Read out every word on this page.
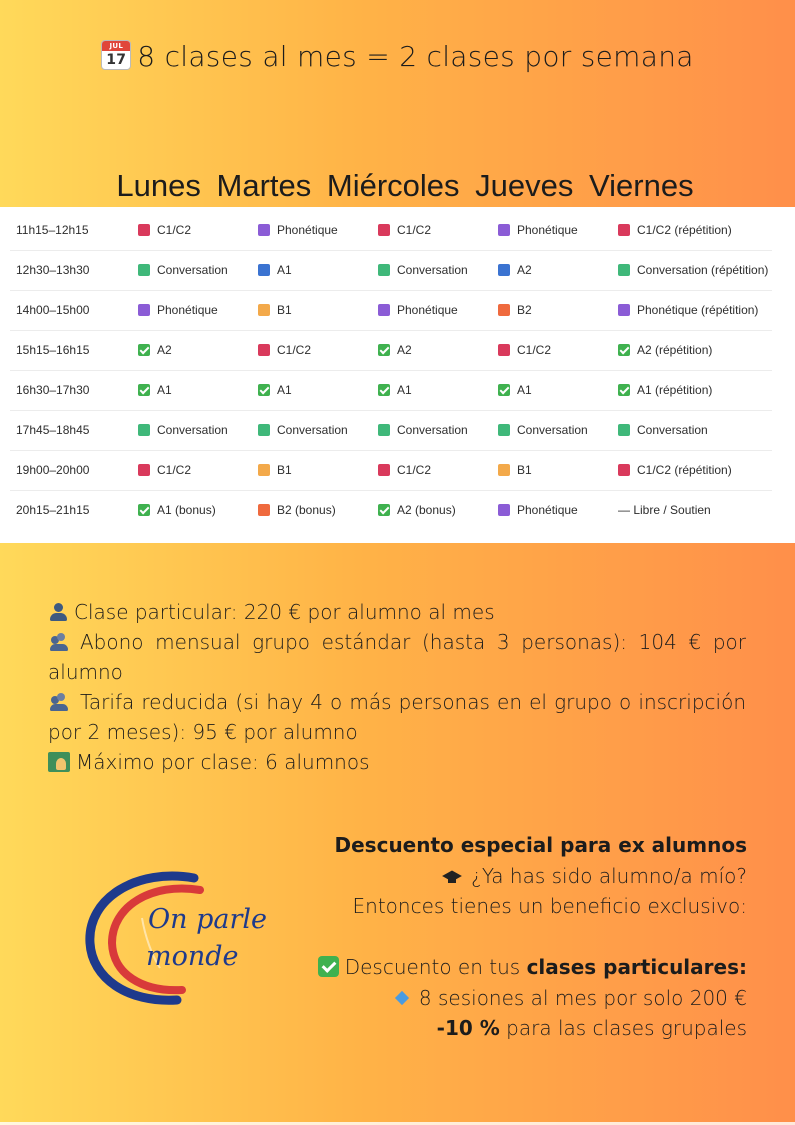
JUL
17 8 clases al mes = 2 clases por semana
Lunes Martes Miércoles Jueves Viernes
11h15–12h15	C1/C2	Phonétique	C1/C2	Phonétique	C1/C2 (répétition)
12h30–13h30	Conversation	A1	Conversation	A2	Conversation (répétition)
14h00–15h00	Phonétique	B1	Phonétique	B2	Phonétique (répétition)
15h15–16h15	A2	C1/C2	A2	C1/C2	A2 (répétition)
16h30–17h30	A1	A1	A1	A1	A1 (répétition)
17h45–18h45	Conversation	Conversation	Conversation	Conversation	Conversation
19h00–20h00	C1/C2	B1	C1/C2	B1	C1/C2 (répétition)
20h15–21h15	A1 (bonus)	B2 (bonus)	A2 (bonus)	Phonétique	— Libre / Soutien

Clase particular: 220 € por alumno al mes

Abono mensual grupo estándar (hasta 3 personas): 104 € por alumno

Tarifa reducida (si hay 4 o más personas en el grupo o inscripción por 2 meses): 95 € por alumno

Máximo por clase: 6 alumnos

On parle
monde

Descuento especial para ex alumnos

¿Ya has sido alumno/a mío?

Entonces tienes un beneficio exclusivo:

Descuento en tus clases particulares:

8 sesiones al mes por solo 200 €

-10 % para las clases grupales
